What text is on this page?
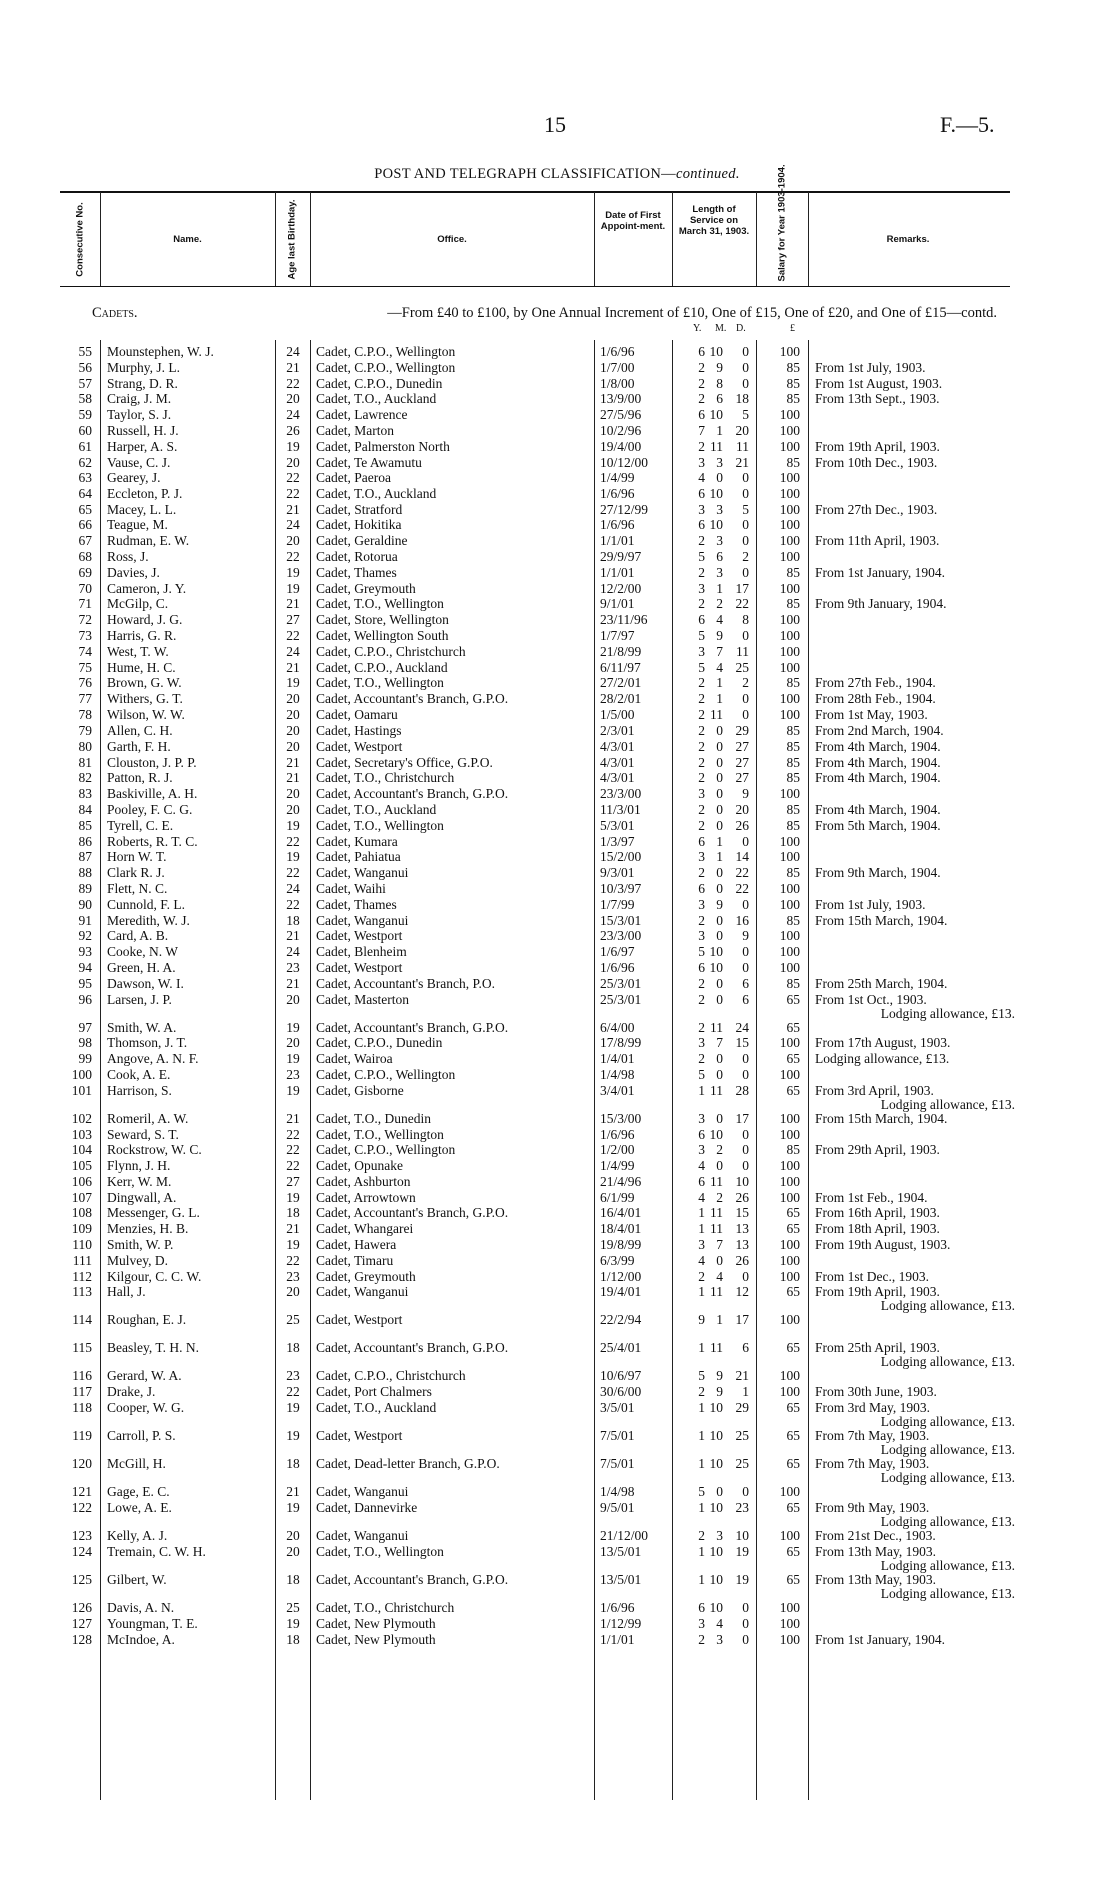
15	F.—5.
POST AND TELEGRAPH CLASSIFICATION—continued.
Consecutive No.	Name.	Age last Birthday.	Office.
Date of First Appoint-ment.
Length of Service on March 31, 1903.	Salary for Year 1903-1904.	Remarks.
Cadets.	—From £40 to £100, by One Annual Increment of £10, One of £15, One of £20, and One of £15—contd.
Y. M. D.	£
55 Mounstephen, W. J.	24	Cadet, C.P.O., Wellington	1/6/96	6 10	0	100
56 Murphy, J. L.	21	Cadet, C.P.O., Wellington	1/7/00	2 9	0	85 From 1st July, 1903.
57 Strang, D. R.	22	Cadet, C.P.O., Dunedin	1/8/00	2 8	0	85 From 1st August, 1903.
58 Craig, J. M.	20	Cadet, T.O., Auckland	13/9/00	2 6 18	85 From 13th Sept., 1903.
59 Taylor, S. J.	24	Cadet, Lawrence	27/5/96	6 10	5	100
60 Russell, H. J.	26	Cadet, Marton	10/2/96	7 1 20	100
61 Harper, A. S.	19	Cadet, Palmerston North	19/4/00	2 11 11	100 From 19th April, 1903.
62 Vause, C. J.	20	Cadet, Te Awamutu	10/12/00	3 3 21	85 From 10th Dec., 1903.
63 Gearey, J.	22	Cadet, Paeroa	1/4/99	4 0	0	100
64 Eccleton, P. J.	22	Cadet, T.O., Auckland	1/6/96	6 10	0	100
65 Macey, L. L.	21	Cadet, Stratford	27/12/99	3 3	5	100 From 27th Dec., 1903.
66 Teague, M.	24	Cadet, Hokitika	1/6/96	6 10	0	100
67 Rudman, E. W.	20	Cadet, Geraldine	1/1/01	2 3	0	100 From 11th April, 1903.
68 Ross, J.	22	Cadet, Rotorua	29/9/97	5 6	2	100
69 Davies, J.	19	Cadet, Thames	1/1/01	2 3	0	85 From 1st January, 1904.
70 Cameron, J. Y.	19	Cadet, Greymouth	12/2/00	3 1 17	100
71 McGilp, C.	21	Cadet, T.O., Wellington	9/1/01	2 2 22	85 From 9th January, 1904.
72 Howard, J. G.	27	Cadet, Store, Wellington	23/11/96	6 4	8	100
73 Harris, G. R.	22	Cadet, Wellington South	1/7/97	5 9	0	100
74 West, T. W.	24	Cadet, C.P.O., Christchurch	21/8/99	3 7 11	100
75 Hume, H. C.	21	Cadet, C.P.O., Auckland	6/11/97	5 4 25	100
76 Brown, G. W.	19	Cadet, T.O., Wellington	27/2/01	2 1	2	85 From 27th Feb., 1904.
77 Withers, G. T.	20	Cadet, Accountant's Branch, G.P.O.	28/2/01	2 1	0	100 From 28th Feb., 1904.
78 Wilson, W. W.	20	Cadet, Oamaru	1/5/00	2 11	0	100 From 1st May, 1903.
79 Allen, C. H.	20	Cadet, Hastings	2/3/01	2 0 29	85 From 2nd March, 1904.
80 Garth, F. H.	20	Cadet, Westport	4/3/01	2 0 27	85 From 4th March, 1904.
81 Clouston, J. P. P.	21	Cadet, Secretary's Office, G.P.O.	4/3/01	2 0 27	85 From 4th March, 1904.
82 Patton, R. J.	21	Cadet, T.O., Christchurch	4/3/01	2 0 27	85 From 4th March, 1904.
83 Baskiville, A. H.	20	Cadet, Accountant's Branch, G.P.O.	23/3/00	3 0	9	100
84 Pooley, F. C. G.	20	Cadet, T.O., Auckland	11/3/01	2 0 20	85 From 4th March, 1904.
85 Tyrell, C. E.	19	Cadet, T.O., Wellington	5/3/01	2 0 26	85 From 5th March, 1904.
86 Roberts, R. T. C.	22	Cadet, Kumara	1/3/97	6 1	0	100
87 Horn W. T.	19	Cadet, Pahiatua	15/2/00	3 1 14	100
88 Clark R. J.	22	Cadet, Wanganui	9/3/01	2 0 22	85 From 9th March, 1904.
89 Flett, N. C.	24	Cadet, Waihi	10/3/97	6 0 22	100
90 Cunnold, F. L.	22	Cadet, Thames	1/7/99	3 9	0	100 From 1st July, 1903.
91 Meredith, W. J.	18	Cadet, Wanganui	15/3/01	2 0 16	85 From 15th March, 1904.
92 Card, A. B.	21	Cadet, Westport	23/3/00	3 0	9	100
93 Cooke, N. W	24	Cadet, Blenheim	1/6/97	5 10	0	100
94 Green, H. A.	23	Cadet, Westport	1/6/96	6 10	0	100
95 Dawson, W. I.	21	Cadet, Accountant's Branch, P.O.	25/3/01	2 0	6	85 From 25th March, 1904.
96 Larsen, J. P.	20	Cadet, Masterton	25/3/01	2 0	6	65 From 1st Oct., 1903.
Lodging allowance, £13.
97 Smith, W. A.	19	Cadet, Accountant's Branch, G.P.O.	6/4/00	2 11 24	65
98 Thomson, J. T.	20	Cadet, C.P.O., Dunedin	17/8/99	3 7 15	100 From 17th August, 1903.
99 Angove, A. N. F.	19	Cadet, Wairoa	1/4/01	2 0	0	65 Lodging allowance, £13.
100 Cook, A. E.	23	Cadet, C.P.O., Wellington	1/4/98	5 0	0	100
101 Harrison, S.	19	Cadet, Gisborne	3/4/01	1 11 28	65 From 3rd April, 1903.
Lodging allowance, £13.
102 Romeril, A. W.	21	Cadet, T.O., Dunedin	15/3/00	3 0 17	100 From 15th March, 1904.
103 Seward, S. T.	22	Cadet, T.O., Wellington	1/6/96	6 10	0	100
104 Rockstrow, W. C.	22	Cadet, C.P.O., Wellington	1/2/00	3 2	0	85 From 29th April, 1903.
105 Flynn, J. H.	22	Cadet, Opunake	1/4/99	4 0	0	100
106 Kerr, W. M.	27	Cadet, Ashburton	21/4/96	6 11 10	100
107 Dingwall, A.	19	Cadet, Arrowtown	6/1/99	4 2 26	100 From 1st Feb., 1904.
108 Messenger, G. L.	18	Cadet, Accountant's Branch, G.P.O.	16/4/01	1 11 15	65 From 16th April, 1903.
109 Menzies, H. B.	21	Cadet, Whangarei	18/4/01	1 11 13	65 From 18th April, 1903.
110 Smith, W. P.	19	Cadet, Hawera	19/8/99	3 7 13	100 From 19th August, 1903.
111 Mulvey, D.	22	Cadet, Timaru	6/3/99	4 0 26	100
112 Kilgour, C. C. W.	23	Cadet, Greymouth	1/12/00	2 4	0	100 From 1st Dec., 1903.
113 Hall, J.	20	Cadet, Wanganui	19/4/01	1 11 12	65 From 19th April, 1903.
Lodging allowance, £13.
114 Roughan, E. J.	25	Cadet, Westport	22/2/94	9 1 17	100
115 Beasley, T. H. N.	18	Cadet, Accountant's Branch, G.P.O.	25/4/01	1 11	6	65 From 25th April, 1903.
Lodging allowance, £13.
116 Gerard, W. A.	23	Cadet, C.P.O., Christchurch	10/6/97	5 9 21	100
117 Drake, J.	22	Cadet, Port Chalmers	30/6/00	2 9	1	100 From 30th June, 1903.
118 Cooper, W. G.	19	Cadet, T.O., Auckland	3/5/01	1 10 29	65 From 3rd May, 1903.
Lodging allowance, £13.
119 Carroll, P. S.	19	Cadet, Westport	7/5/01	1 10 25	65 From 7th May, 1903.
Lodging allowance, £13.
120 McGill, H.	18	Cadet, Dead-letter Branch, G.P.O.	7/5/01	1 10 25	65 From 7th May, 1903.
Lodging allowance, £13.
121 Gage, E. C.	21	Cadet, Wanganui	1/4/98	5 0	0	100
122 Lowe, A. E.	19	Cadet, Dannevirke	9/5/01	1 10 23	65 From 9th May, 1903.
Lodging allowance, £13.
123 Kelly, A. J.	20	Cadet, Wanganui	21/12/00	2 3 10	100 From 21st Dec., 1903.
124 Tremain, C. W. H.	20	Cadet, T.O., Wellington	13/5/01	1 10 19	65 From 13th May, 1903.
Lodging allowance, £13.
125 Gilbert, W.	18	Cadet, Accountant's Branch, G.P.O.	13/5/01	1 10 19	65 From 13th May, 1903.
Lodging allowance, £13.
126 Davis, A. N.	25	Cadet, T.O., Christchurch	1/6/96	6 10	0	100
127 Youngman, T. E.	19	Cadet, New Plymouth	1/12/99	3 4	0	100
128 McIndoe, A.	18	Cadet, New Plymouth	1/1/01	2 3	0	100 From 1st January, 1904.
